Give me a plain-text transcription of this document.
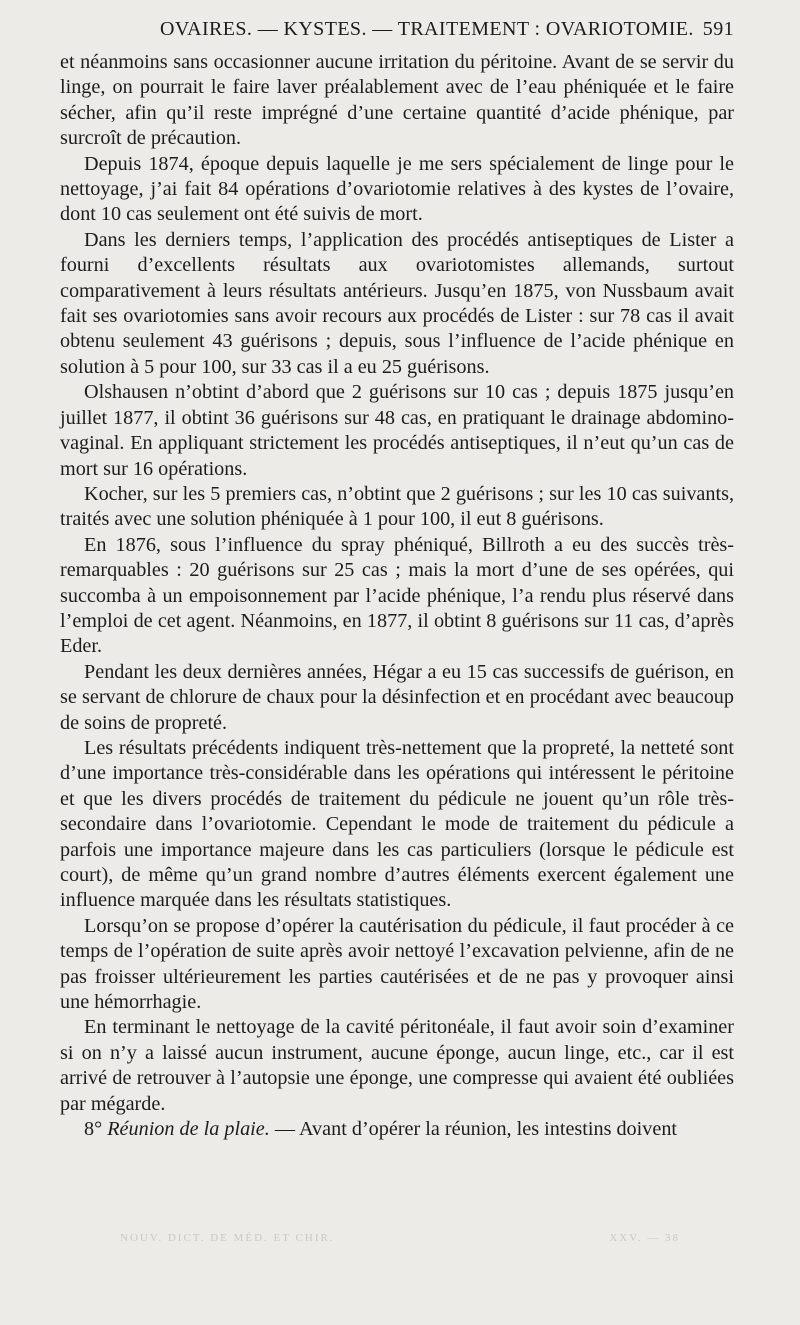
OVAIRES. — KYSTES. — TRAITEMENT : OVARIOTOMIE. 591

et néanmoins sans occasionner aucune irritation du péritoine. Avant de se servir du linge, on pourrait le faire laver préalablement avec de l’eau phéniquée et le faire sécher, afin qu’il reste imprégné d’une certaine quantité d’acide phénique, par surcroît de précaution.

Depuis 1874, époque depuis laquelle je me sers spécialement de linge pour le nettoyage, j’ai fait 84 opérations d’ovariotomie relatives à des kystes de l’ovaire, dont 10 cas seulement ont été suivis de mort.

Dans les derniers temps, l’application des procédés antiseptiques de Lister a fourni d’excellents résultats aux ovariotomistes allemands, surtout comparativement à leurs résultats antérieurs. Jusqu’en 1875, von Nussbaum avait fait ses ovariotomies sans avoir recours aux procédés de Lister : sur 78 cas il avait obtenu seulement 43 guérisons ; depuis, sous l’influence de l’acide phénique en solution à 5 pour 100, sur 33 cas il a eu 25 guérisons.

Olshausen n’obtint d’abord que 2 guérisons sur 10 cas ; depuis 1875 jusqu’en juillet 1877, il obtint 36 guérisons sur 48 cas, en pratiquant le drainage abdomino-vaginal. En appliquant strictement les procédés antiseptiques, il n’eut qu’un cas de mort sur 16 opérations.

Kocher, sur les 5 premiers cas, n’obtint que 2 guérisons ; sur les 10 cas suivants, traités avec une solution phéniquée à 1 pour 100, il eut 8 guérisons.

En 1876, sous l’influence du spray phéniqué, Billroth a eu des succès très-remarquables : 20 guérisons sur 25 cas ; mais la mort d’une de ses opérées, qui succomba à un empoisonnement par l’acide phénique, l’a rendu plus réservé dans l’emploi de cet agent. Néanmoins, en 1877, il obtint 8 guérisons sur 11 cas, d’après Eder.

Pendant les deux dernières années, Hégar a eu 15 cas successifs de guérison, en se servant de chlorure de chaux pour la désinfection et en procédant avec beaucoup de soins de propreté.

Les résultats précédents indiquent très-nettement que la propreté, la netteté sont d’une importance très-considérable dans les opérations qui intéressent le péritoine et que les divers procédés de traitement du pédicule ne jouent qu’un rôle très-secondaire dans l’ovariotomie. Cependant le mode de traitement du pédicule a parfois une importance majeure dans les cas particuliers (lorsque le pédicule est court), de même qu’un grand nombre d’autres éléments exercent également une influence marquée dans les résultats statistiques.

Lorsqu’on se propose d’opérer la cautérisation du pédicule, il faut procéder à ce temps de l’opération de suite après avoir nettoyé l’excavation pelvienne, afin de ne pas froisser ultérieurement les parties cautérisées et de ne pas y provoquer ainsi une hémorrhagie.

En terminant le nettoyage de la cavité péritonéale, il faut avoir soin d’examiner si on n’y a laissé aucun instrument, aucune éponge, aucun linge, etc., car il est arrivé de retrouver à l’autopsie une éponge, une compresse qui avaient été oubliées par mégarde.

8° Réunion de la plaie. — Avant d’opérer la réunion, les intestins doivent

NOUV. DICT. DE MÉD. ET CHIR.	XXV. — 38
